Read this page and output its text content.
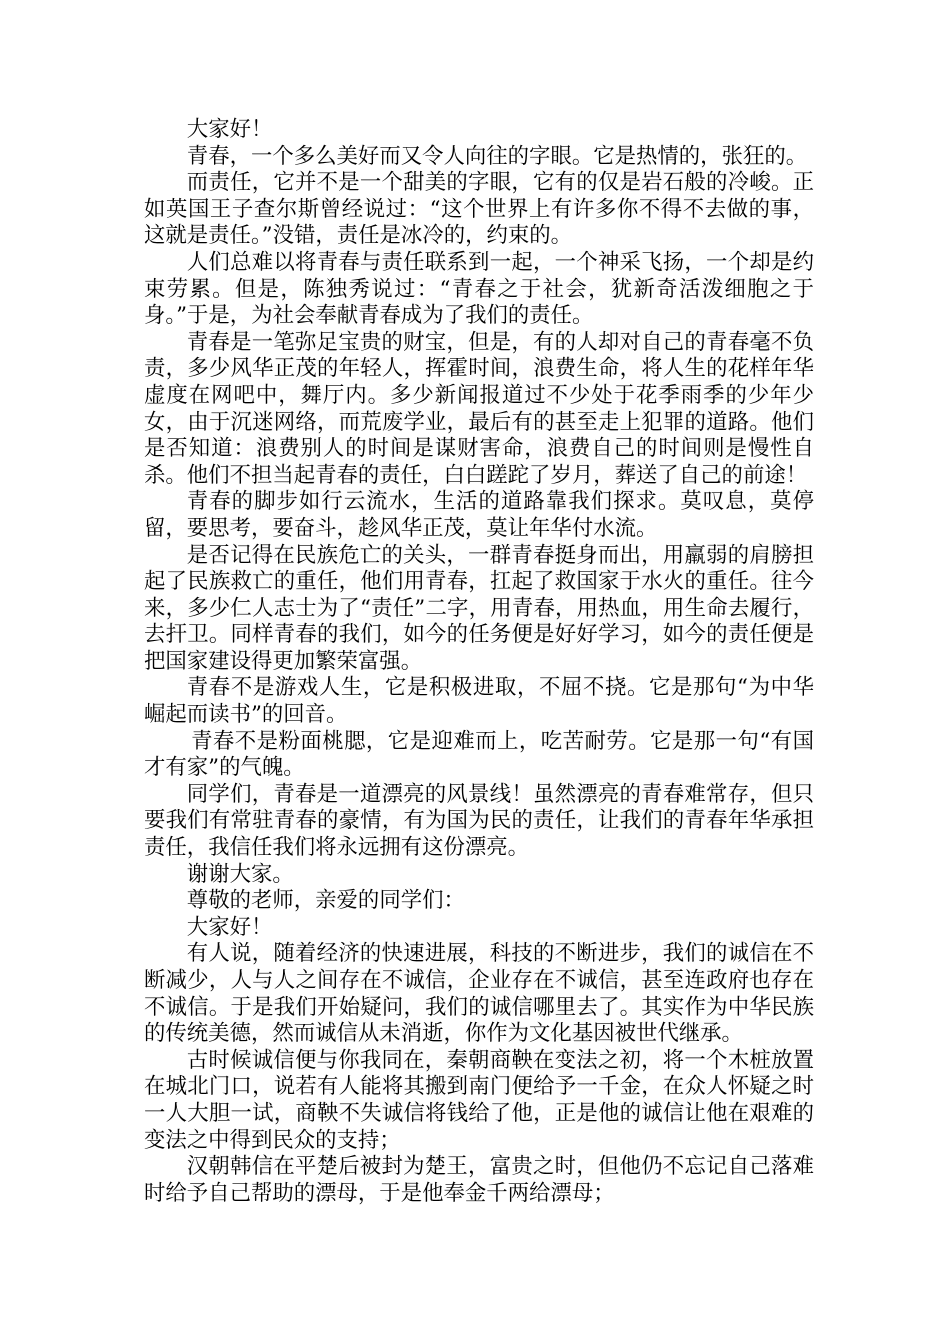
大家好！

青春，一个多么美好而又令人向往的字眼。它是热情的，张狂的。

而责任，它并不是一个甜美的字眼，它有的仅是岩石般的冷峻。正如英国王子查尔斯曾经说过：“这个世界上有许多你不得不去做的事，这就是责任。”没错，责任是冰冷的，约束的。

人们总难以将青春与责任联系到一起，一个神采飞扬，一个却是约束劳累。但是，陈独秀说过：“青春之于社会，犹新奇活泼细胞之于身。”于是，为社会奉献青春成为了我们的责任。

青春是一笔弥足宝贵的财宝，但是，有的人却对自己的青春毫不负责，多少风华正茂的年轻人，挥霍时间，浪费生命，将人生的花样年华虚度在网吧中，舞厅内。多少新闻报道过不少处于花季雨季的少年少女，由于沉迷网络，而荒废学业，最后有的甚至走上犯罪的道路。他们是否知道：浪费别人的时间是谋财害命，浪费自己的时间则是慢性自杀。他们不担当起青春的责任，白白蹉跎了岁月，葬送了自己的前途！

青春的脚步如行云流水，生活的道路靠我们探求。莫叹息，莫停留，要思考，要奋斗，趁风华正茂，莫让年华付水流。

是否记得在民族危亡的关头，一群青春挺身而出，用羸弱的肩膀担起了民族救亡的重任，他们用青春，扛起了救国家于水火的重任。往今来，多少仁人志士为了“责任”二字，用青春，用热血，用生命去履行，去扞卫。同样青春的我们，如今的任务便是好好学习，如今的责任便是把国家建设得更加繁荣富强。

青春不是游戏人生，它是积极进取，不屈不挠。它是那句“为中华崛起而读书”的回音。

青春不是粉面桃腮，它是迎难而上，吃苦耐劳。它是那一句“有国才有家”的气魄。

同学们，青春是一道漂亮的风景线！虽然漂亮的青春难常存，但只要我们有常驻青春的豪情，有为国为民的责任，让我们的青春年华承担责任，我信任我们将永远拥有这份漂亮。

谢谢大家。

尊敬的老师，亲爱的同学们：

大家好！

有人说，随着经济的快速进展，科技的不断进步，我们的诚信在不断减少，人与人之间存在不诚信，企业存在不诚信，甚至连政府也存在不诚信。于是我们开始疑问，我们的诚信哪里去了。其实作为中华民族的传统美德，然而诚信从未消逝，你作为文化基因被世代继承。

古时候诚信便与你我同在，秦朝商鞅在变法之初，将一个木桩放置在城北门口，说若有人能将其搬到南门便给予一千金，在众人怀疑之时一人大胆一试，商鞅不失诚信将钱给了他，正是他的诚信让他在艰难的变法之中得到民众的支持；

汉朝韩信在平楚后被封为楚王，富贵之时，但他仍不忘记自己落难时给予自己帮助的漂母，于是他奉金千两给漂母；
